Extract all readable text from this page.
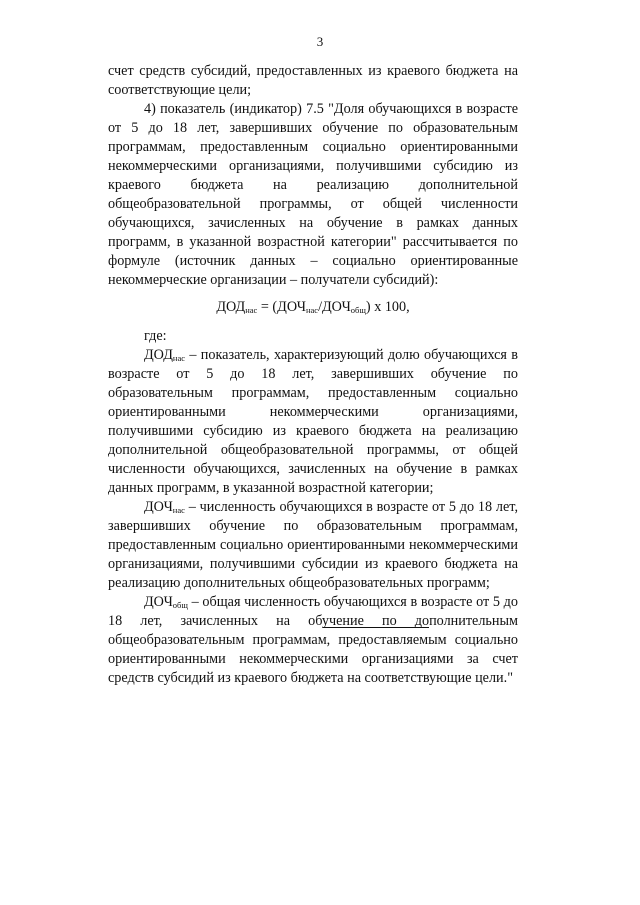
3

счет средств субсидий, предоставленных из краевого бюджета на соответствующие цели;

4) показатель (индикатор) 7.5 "Доля обучающихся в возрасте от 5 до 18 лет, завершивших обучение по образовательным программам, предоставленным социально ориентированными некоммерческими организациями, получившими субсидию из краевого бюджета на реализацию дополнительной общеобразовательной программы, от общей численности обучающихся, зачисленных на обучение в рамках данных программ, в указанной возрастной категории" рассчитывается по формуле (источник данных – социально ориентированные некоммерческие организации – получатели субсидий):

$ДОД_{нас} = (ДОЧ_{нас}/ДОЧ_{общ})$ х 100,

где:

$ДОД_{нас}$ – показатель, характеризующий долю обучающихся в возрасте от 5 до 18 лет, завершивших обучение по образовательным программам, предоставленным социально ориентированными некоммерческими организациями, получившими субсидию из краевого бюджета на реализацию дополнительной общеобразовательной программы, от общей численности обучающихся, зачисленных на обучение в рамках данных программ, в указанной возрастной категории;

$ДОЧ_{нас}$ – численность обучающихся в возрасте от 5 до 18 лет, завершивших обучение по образовательным программам, предоставленным социально ориентированными некоммерческими организациями, получившими субсидии из краевого бюджета на реализацию дополнительных общеобразовательных программ;

$ДОЧ_{общ}$ – общая численность обучающихся в возрасте от 5 до 18 лет, зачисленных на обучение по дополнительным общеобразовательным программам, предоставляемым социально ориентированными некоммерческими организациями за счет средств субсидий из краевого бюджета на соответствующие цели."
